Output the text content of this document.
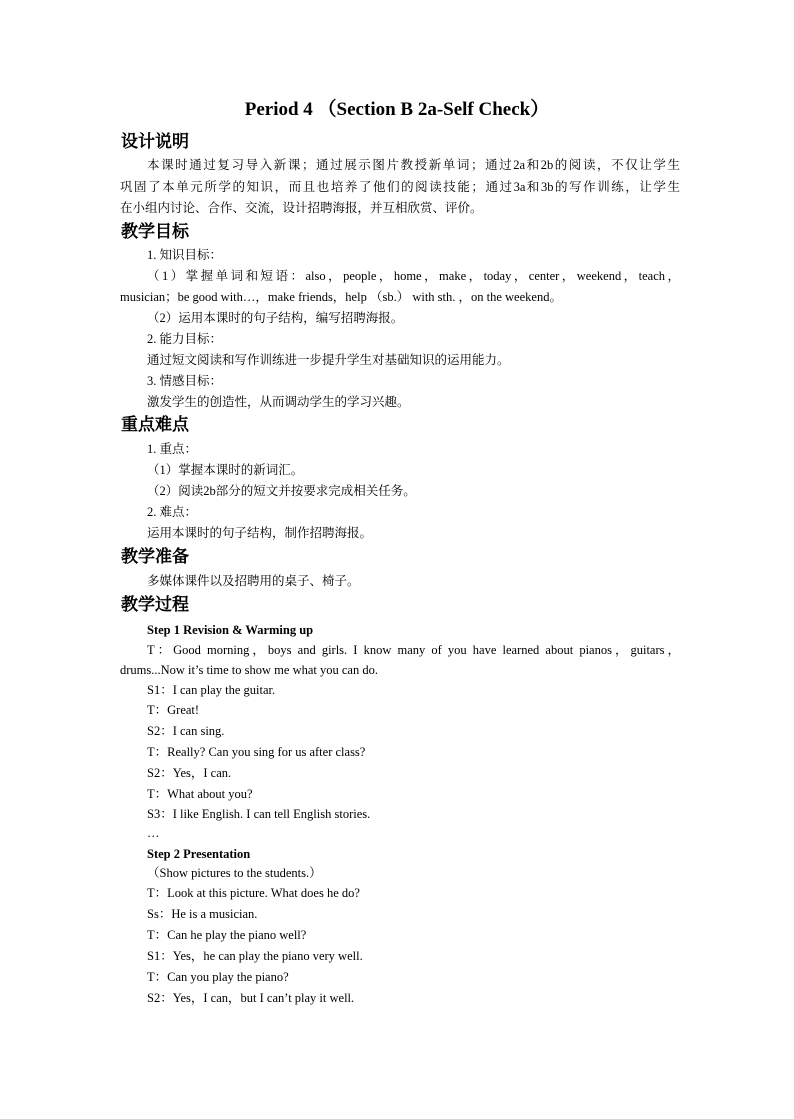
Period 4 （Section B 2a-Self Check）
设计说明
本课时通过复习导入新课；通过展示图片教授新单词；通过2a和2b的阅读，不仅让学生
巩固了本单元所学的知识，而且也培养了他们的阅读技能；通过3a和3b的写作训练，让学生
在小组内讨论、合作、交流，设计招聘海报，并互相欣赏、评价。
教学目标
1. 知识目标：
（1）掌握单词和短语：also，people，home，make，today，center，weekend，teach，
musician；be good with…，make friends，help （sb.） with sth. ，on the weekend。
（2）运用本课时的句子结构，编写招聘海报。
2. 能力目标：
通过短文阅读和写作训练进一步提升学生对基础知识的运用能力。
3. 情感目标：
激发学生的创造性，从而调动学生的学习兴趣。
重点难点
1. 重点：
（1）掌握本课时的新词汇。
（2）阅读2b部分的短文并按要求完成相关任务。
2. 难点：
运用本课时的句子结构，制作招聘海报。
教学准备
多媒体课件以及招聘用的桌子、椅子。
教学过程
Step 1 Revision & Warming up
T：Good morning，boys and girls. I know many of you have learned about pianos，guitars，
drums...Now it’s time to show me what you can do.
S1：I can play the guitar.
T：Great!
S2：I can sing.
T：Really? Can you sing for us after class?
S2：Yes，I can.
T：What about you?
S3：I like English. I can tell English stories.
…
Step 2 Presentation
（Show pictures to the students.）
T：Look at this picture. What does he do?
Ss：He is a musician.
T：Can he play the piano well?
S1：Yes，he can play the piano very well.
T：Can you play the piano?
S2：Yes，I can，but I can’t play it well.
